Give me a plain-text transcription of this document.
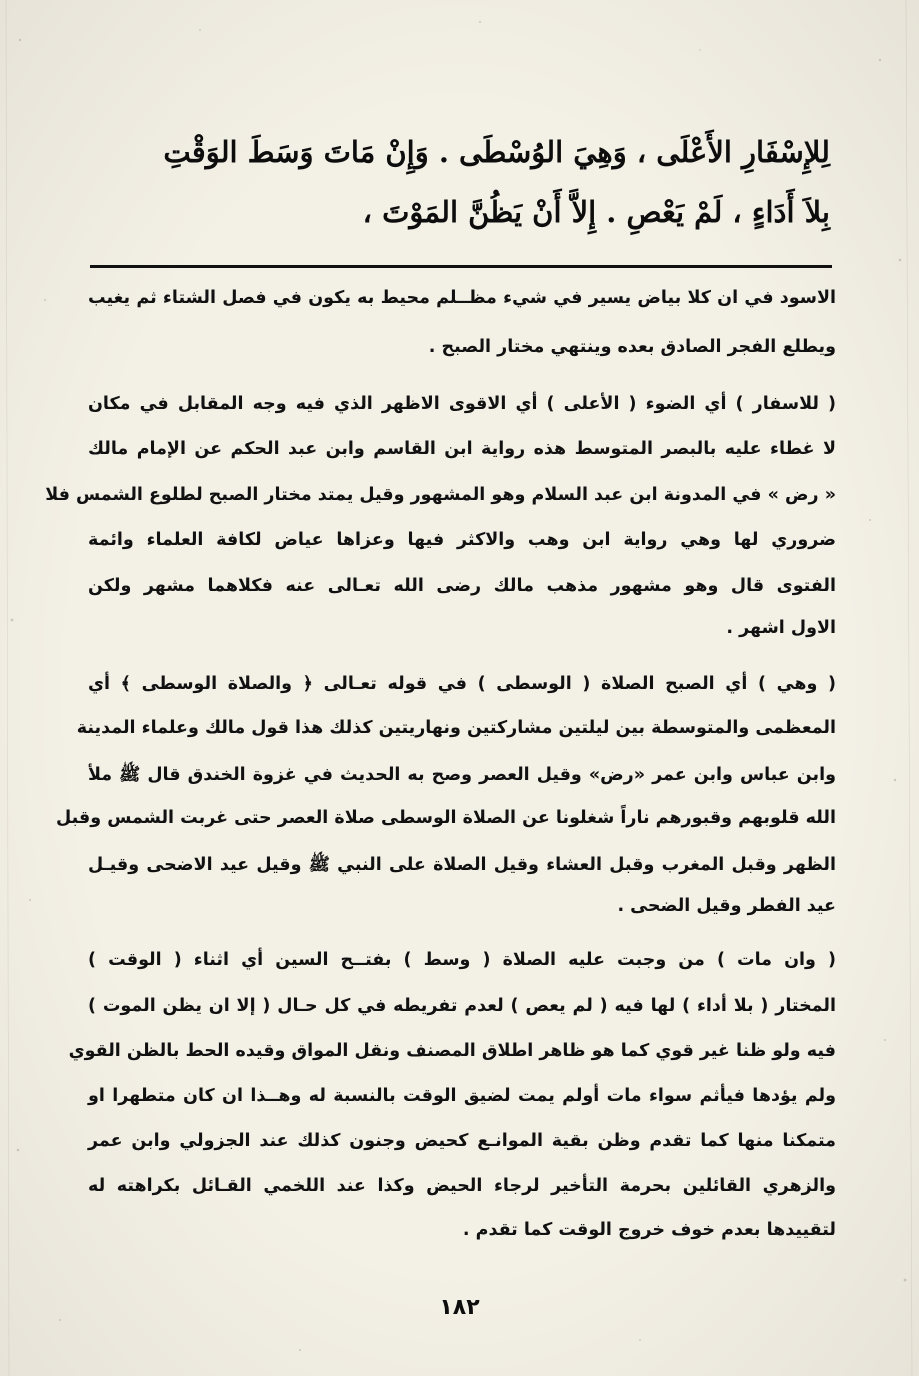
لِلإِسْفَارِ الأَعْلَى ، وَهِيَ الوُسْطَى . وَإِنْ مَاتَ وَسَطَ الوَقْتِ
بِلاَ أَدَاءٍ ، لَمْ يَعْصِ . إِلاَّ أَنْ يَظُنَّ المَوْتَ ،
الاسود في ان كلا بياض يسير في شيء مظــلم محيط به يكون في فصل الشتاء ثم يغيب
ويطلع الفجر الصادق بعده وينتهي مختار الصبح .
( للاسفار ) أي الضوء ( الأعلى ) أي الاقوى الاظهر الذي فيه وجه المقابل في مكان
لا غطاء عليه بالبصر المتوسط هذه رواية ابن القاسم وابن عبد الحكم عن الإمام مالك
« رض » في المدونة ابن عبد السلام وهو المشهور وقيل يمتد مختار الصبح لطلوع الشمس فلا
ضروري لها وهي رواية ابن وهب والاكثر فيها وعزاها عياض لكافة العلماء وائمة
الفتوى قال وهو مشهور مذهب مالك رضى الله تعـالى عنه فكلاهما مشهر ولكن
الاول اشهر .
( وهي ) أي الصبح الصلاة ( الوسطى ) في قوله تعـالى ﴿ والصلاة الوسطى ﴾ أي
المعظمى والمتوسطة بين ليلتين مشاركتين ونهاريتين كذلك هذا قول مالك وعلماء المدينة
وابن عباس وابن عمر «رض» وقيل العصر وصح به الحديث في غزوة الخندق قال ﷺ ملأ
الله قلوبهم وقبورهم ناراً شغلونا عن الصلاة الوسطى صلاة العصر حتى غربت الشمس وقبل
الظهر وقبل المغرب وقبل العشاء وقيل الصلاة على النبي ﷺ وقيل عيد الاضحى وقيـل
عيد الفطر وقيل الضحى .
( وان مات ) من وجبت عليه الصلاة ( وسط ) بفتــح السين أي اثناء ( الوقت )
المختار ( بلا أداء ) لها فيه ( لم يعص ) لعدم تفريطه في كل حـال ( إلا ان يظن الموت )
فيه ولو ظنا غير قوي كما هو ظاهر اطلاق المصنف ونقل المواق وقيده الحط بالظن القوي
ولم يؤدها فيأثم سواء مات أولم يمت لضيق الوقت بالنسبة له وهــذا ان كان متطهرا او
متمكنا منها كما تقدم وظن بقية الموانـع كحيض وجنون كذلك عند الجزولي وابن عمر
والزهري القائلين بحرمة التأخير لرجاء الحيض وكذا عند اللخمي القـائل بكراهته له
لتقييدها بعدم خوف خروج الوقت كما تقدم .
١٨٢
